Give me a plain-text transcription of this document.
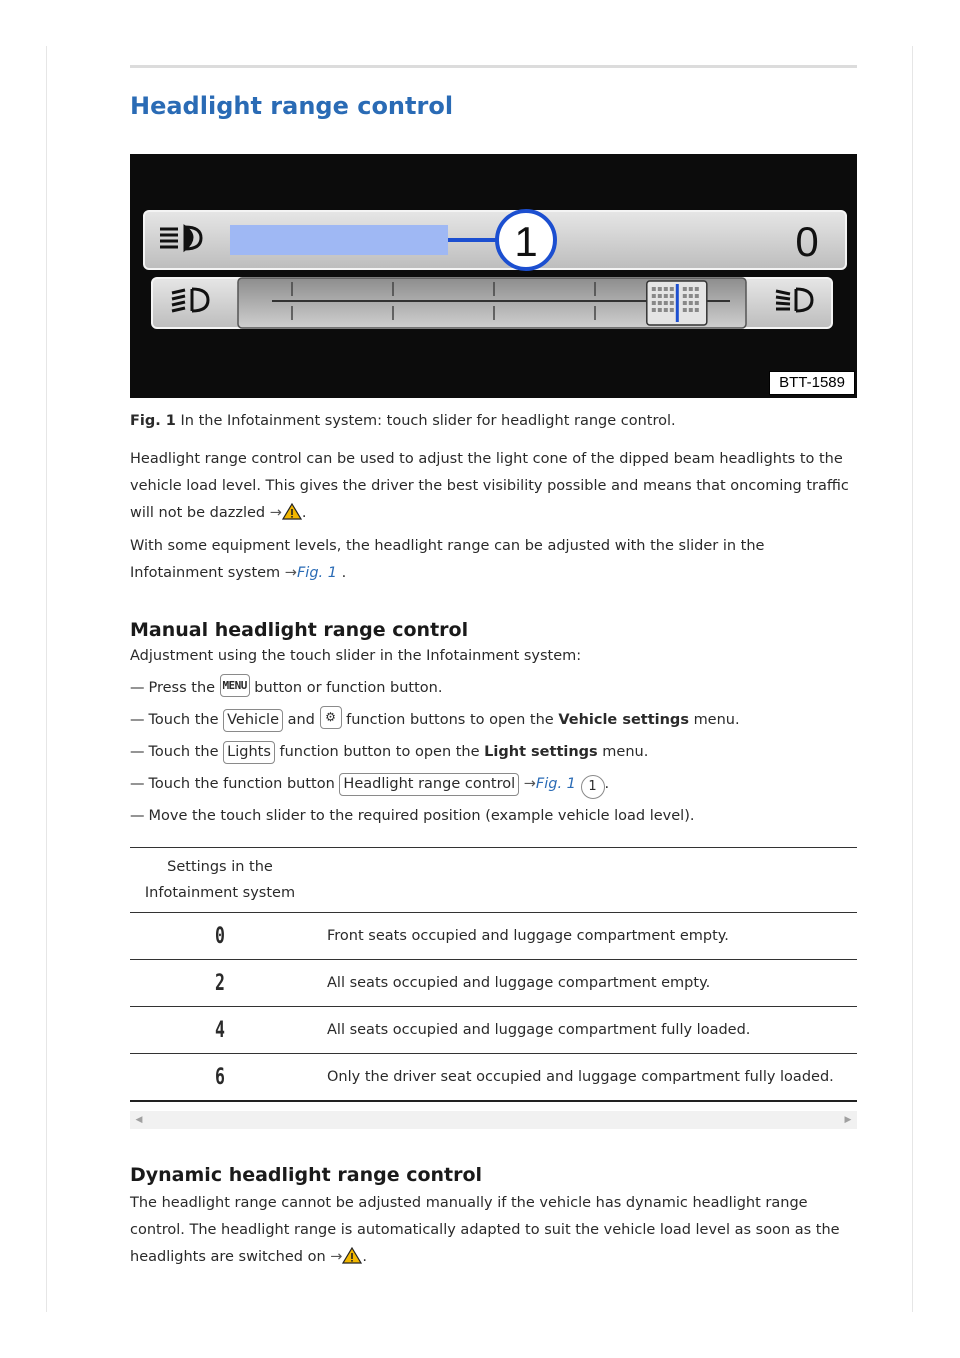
Headlight range control
1	0
BTT-1589

Fig. 1 In the Infotainment system: touch slider for headlight range control.

Headlight range control can be used to adjust the light cone of the dipped beam headlights to the vehicle load level. This gives the driver the best visibility possible and means that oncoming traffic will not be dazzled → .

With some equipment levels, the headlight range can be adjusted with the slider in the Infotainment system →Fig. 1 .

Manual headlight range control

Adjustment using the touch slider in the Infotainment system:

— Press the MENU button or function button.
— Touch the Vehicle and ⚙ function buttons to open the Vehicle settings menu.
— Touch the Lights function button to open the Light settings menu.
— Touch the function button Headlight range control →Fig. 1 1 .
— Move the touch slider to the required position (example vehicle load level).
Settings in the Infotainment system	
0	Front seats occupied and luggage compartment empty.
2	All seats occupied and luggage compartment empty.
4	All seats occupied and luggage compartment fully loaded.
6	Only the driver seat occupied and luggage compartment fully loaded.
◀	▶
Dynamic headlight range control

The headlight range cannot be adjusted manually if the vehicle has dynamic headlight range control. The headlight range is automatically adapted to suit the vehicle load level as soon as the headlights are switched on → .
